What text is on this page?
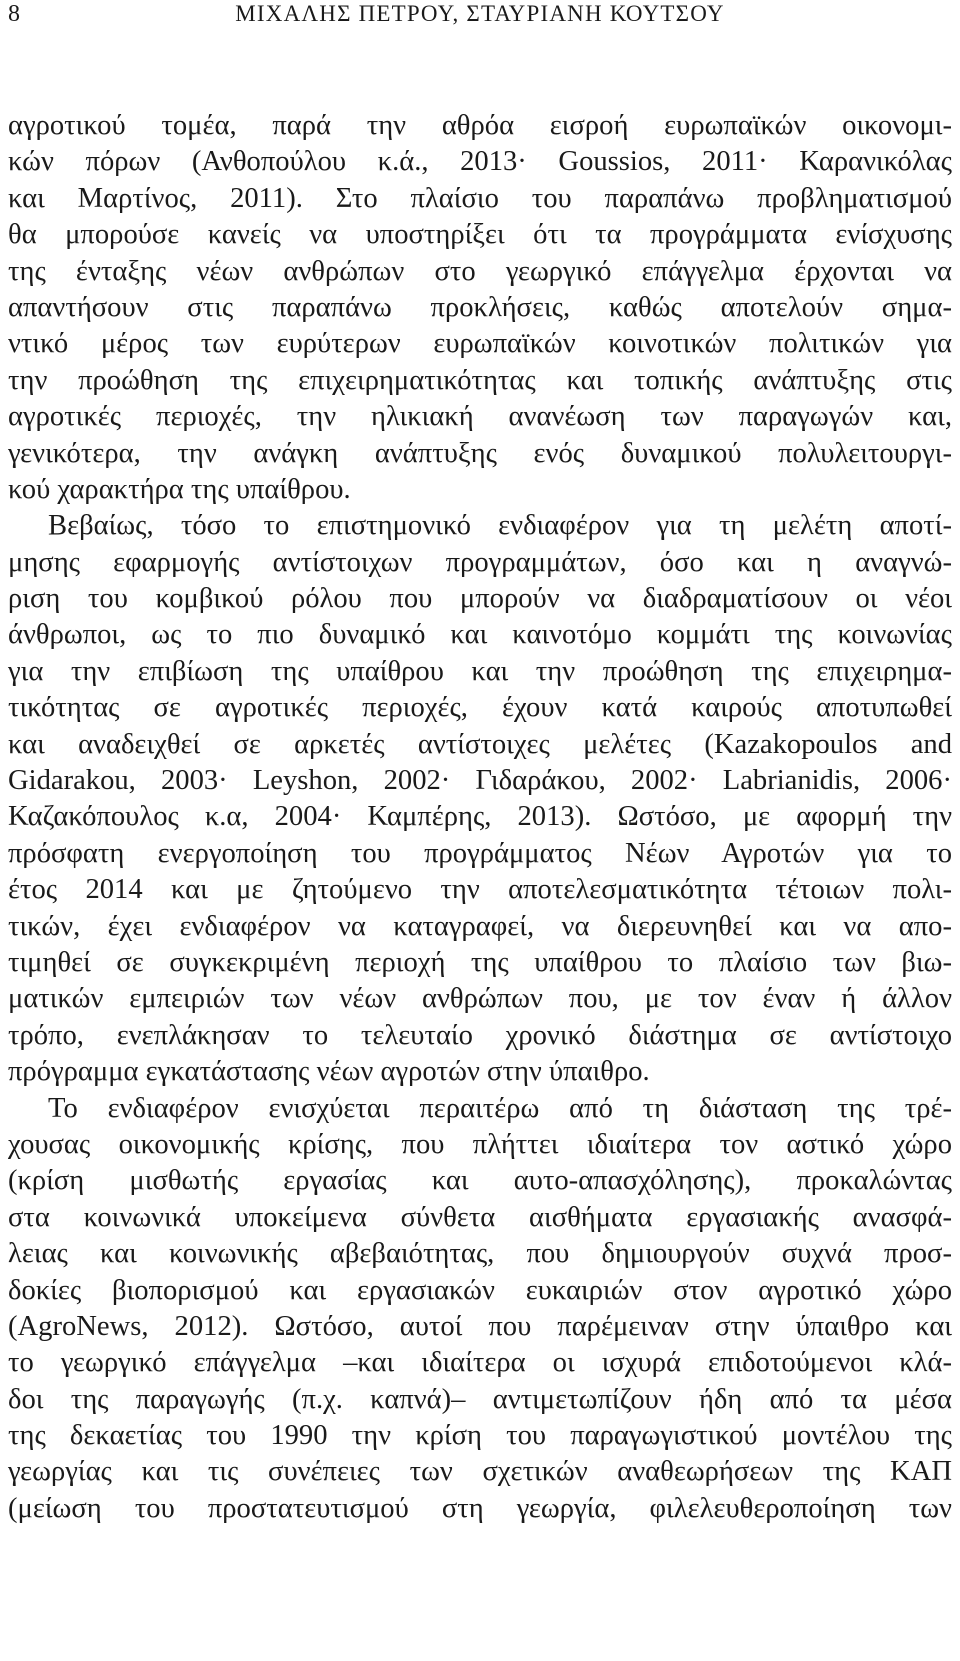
8	ΜΙΧΑΛΗΣ ΠΕΤΡΟΥ, ΣΤΑΥΡΙΑΝΗ ΚΟΥΤΣΟΥ
αγροτικού τομέα, παρά την αθρόα εισροή ευρωπαϊκών οικονομι-
κών πόρων (Ανθοπούλου κ.ά., 2013· Goussios, 2011· Καρανικόλας
και Μαρτίνος, 2011). Στο πλαίσιο του παραπάνω προβληματισμού
θα μπορούσε κανείς να υποστηρίξει ότι τα προγράμματα ενίσχυσης
της ένταξης νέων ανθρώπων στο γεωργικό επάγγελμα έρχονται να
απαντήσουν στις παραπάνω προκλήσεις, καθώς αποτελούν σημα-
ντικό μέρος των ευρύτερων ευρωπαϊκών κοινοτικών πολιτικών για
την προώθηση της επιχειρηματικότητας και τοπικής ανάπτυξης στις
αγροτικές περιοχές, την ηλικιακή ανανέωση των παραγωγών και,
γενικότερα, την ανάγκη ανάπτυξης ενός δυναμικού πολυλειτουργι-
κού χαρακτήρα της υπαίθρου.
Βεβαίως, τόσο το επιστημονικό ενδιαφέρον για τη μελέτη αποτί-
μησης εφαρμογής αντίστοιχων προγραμμάτων, όσο και η αναγνώ-
ριση του κομβικού ρόλου που μπορούν να διαδραματίσουν οι νέοι
άνθρωποι, ως το πιο δυναμικό και καινοτόμο κομμάτι της κοινωνίας
για την επιβίωση της υπαίθρου και την προώθηση της επιχειρημα-
τικότητας σε αγροτικές περιοχές, έχουν κατά καιρούς αποτυπωθεί
και αναδειχθεί σε αρκετές αντίστοιχες μελέτες (Kazakopoulos and
Gidarakou, 2003· Leyshon, 2002· Γιδαράκου, 2002· Labrianidis, 2006·
Καζακόπουλος κ.α, 2004· Καμπέρης, 2013). Ωστόσο, με αφορμή την
πρόσφατη ενεργοποίηση του προγράμματος Νέων Αγροτών για το
έτος 2014 και με ζητούμενο την αποτελεσματικότητα τέτοιων πολι-
τικών, έχει ενδιαφέρον να καταγραφεί, να διερευνηθεί και να απο-
τιμηθεί σε συγκεκριμένη περιοχή της υπαίθρου το πλαίσιο των βιω-
ματικών εμπειριών των νέων ανθρώπων που, με τον έναν ή άλλον
τρόπο, ενεπλάκησαν το τελευταίο χρονικό διάστημα σε αντίστοιχο
πρόγραμμα εγκατάστασης νέων αγροτών στην ύπαιθρο.
Το ενδιαφέρον ενισχύεται περαιτέρω από τη διάσταση της τρέ-
χουσας οικονομικής κρίσης, που πλήττει ιδιαίτερα τον αστικό χώρο
(κρίση μισθωτής εργασίας και αυτο-απασχόλησης), προκαλώντας
στα κοινωνικά υποκείμενα σύνθετα αισθήματα εργασιακής ανασφά-
λειας και κοινωνικής αβεβαιότητας, που δημιουργούν συχνά προσ-
δοκίες βιοπορισμού και εργασιακών ευκαιριών στον αγροτικό χώρο
(AgroNews, 2012). Ωστόσο, αυτοί που παρέμειναν στην ύπαιθρο και
το γεωργικό επάγγελμα –και ιδιαίτερα οι ισχυρά επιδοτούμενοι κλά-
δοι της παραγωγής (π.χ. καπνά)– αντιμετωπίζουν ήδη από τα μέσα
της δεκαετίας του 1990 την κρίση του παραγωγιστικού μοντέλου της
γεωργίας και τις συνέπειες των σχετικών αναθεωρήσεων της ΚΑΠ
(μείωση του προστατευτισμού στη γεωργία, φιλελευθεροποίηση των
